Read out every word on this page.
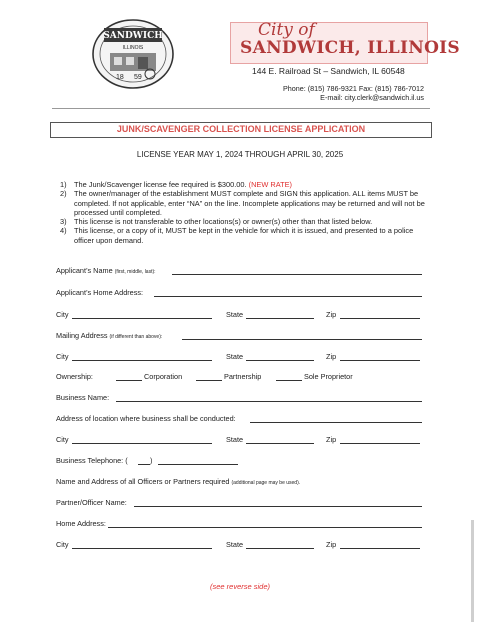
SANDWICH
ILLINOIS
18 59
City of
SANDWICH, ILLINOIS
144 E. Railroad St – Sandwich, IL 60548
Phone: (815) 786-9321 Fax: (815) 786-7012
E-mail: city.clerk@sandwich.il.us
JUNK/SCAVENGER COLLECTION LICENSE APPLICATION
LICENSE YEAR MAY 1, 2024 THROUGH APRIL 30, 2025

1) The Junk/Scavenger license fee required is $300.00. (NEW RATE)

2) The owner/manager of the establishment MUST complete and SIGN this application. ALL items MUST be completed. If not applicable, enter “NA” on the line. Incomplete applications may be returned and will not be processed until completed.

3) This license is not transferable to other locations(s) or owner(s) other than that listed below.

4) This license, or a copy of it, MUST be kept in the vehicle for which it is issued, and presented to a police officer upon demand.

Applicant’s Name (first, middle, last):
Applicant’s Home Address:
City	State	Zip
Mailing Address (if different than above):
City	State	Zip
Ownership:	Corporation	Partnership	Sole Proprietor
Business Name:
Address of location where business shall be conducted:
City	State	Zip
Business Telephone: (	)
Name and Address of all Officers or Partners required (additional page may be used).
Partner/Officer Name:
Home Address:
City	State	Zip
(see reverse side)
